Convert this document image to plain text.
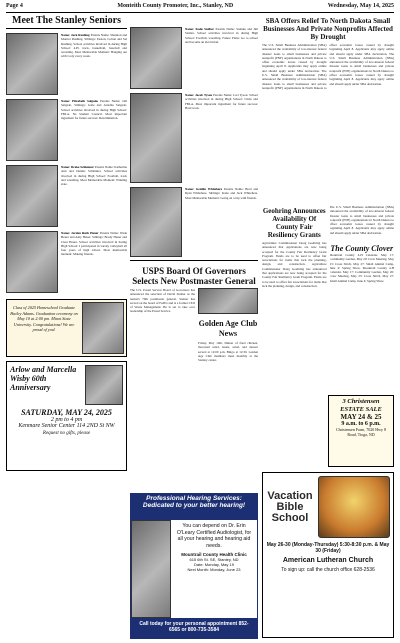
Page 4	Monteith County Promoter, Inc., Stanley, ND	Wednesday, May 14, 2025
Meet The Stanley Seniors
Name: Jack Rushing Parents Name: Shannon and Monica Rushing. Siblings: Easton, Colton and Sal Rushing. School activities involved in during High School: 4-H, track, basketball, baseball and wrestling. Most Memorable Moment: Hanging out with Cody every week.
Name: Elizabeth Salgado Parents Name: Odi Salgado. Siblings: Gabe and Ariadna Salgado. School activities involved in during High School: FBLA, Na Student Council. Most important ingredient for future success: Determination.
Name: Drake Schlenner Parents Name: Katherine Ann and Dennis Schlenner. School activities involved in during High School: Football, track and wrestling. Most Memorable Moment: Winning state.
Name: Jordan Ruth Heuer Parents Name: Wade Heuer and Amy Heuer. Siblings: Brody Heuer and Cleat Heuer. School activities involved in during High School: I participated in varsity volleyball all four years of high school. Most memorable moment: Making friends.
Class of 2025 Homeschool Graduate Hailey Adams. Graduation ceremony on May 10 at 2:00 pm. Minot State University. Congratulations! We are proud of you!
Arlow and Marcella Wisby 60th Anniversary
SATURDAY, MAY 24, 2025
2 pm to 4 pm
Kenmare Senior Center 114 2ND St NW
Request no gifts, please
Name: Kade Steiber Parents Name: Steinke and Jim Steiber. School activities involved in during High School: Football, wrestling. Future Plans: Go to school and become an electrician.
Name: Jacob Tyson Parents Name: Lori Tyson. School activities involved in during High School: Clubs and FBLA. Most important ingredient for future success: Hard work.
Name: Gentlin Whitehere Parents Name: Brett and Ryan Whitehere. Siblings: Katie and Jack Whitehere. Most Memorable Moment: Going on a trip with friends.
USPS Board Of Governors Selects New Postmaster General
The U.S. Postal Service Board of Governors has announced the selection of David Steiner as the nation's 76th postmaster general. Steiner has served on the board of FedEx and is a former CEO of Waste Management. He is set to take over leadership of the Postal Service.
Golden Age Club News
Friday, May 16th, Dinner of fried chicken, macaroni salad, beans, salad, and dessert served at 12:00 p.m. Bingo at 12:30. Golden Age Club members meet monthly at the Stanley center.
Professional Hearing Services:
Dedicated to your better hearing!
You can depend on Dr. Erin O'Leary Certified Audiologist, for all your hearing and hearing aid needs.
Mountrail County Health Clinic
615 6th St. SE, Stanley, ND
Date: Monday, May 19
Next Month: Monday, June 23
Call today for your personal appointment 852-6565 or 800-735-3584
SBA Offers Relief To North Dakota Small Businesses And Private Nonprofits Affected By Drought
The U.S. Small Business Administration (SBA) announced the availability of low-interest federal disaster loans to small businesses and private nonprofit (PNP) organizations in North Dakota to offset economic losses caused by drought beginning April 8. Applicants may apply online and should apply under SBA declaration. The U.S. Small Business Administration (SBA) announced the availability of low-interest federal disaster loans to small businesses and private nonprofit (PNP) organizations in North Dakota to offset economic losses caused by drought beginning April 8. Applicants may apply online and should apply under SBA declaration. The U.S. Small Business Administration (SBA) announced the availability of low-interest federal disaster loans to small businesses and private nonprofit (PNP) organizations in North Dakota to offset economic losses caused by drought beginning April 8. Applicants may apply online and should apply under SBA declaration.
Geohring Announces Availability Of County Fair Resiliency Grants
Agriculture Commissioner Doug Goehring has announced that applications are now being accepted for the County Fair Resiliency Grant Program. Funds are to be used to offset fair associations for items that lack the planning, design, and construction. Agriculture Commissioner Doug Goehring has announced that applications are now being accepted for the County Fair Resiliency Grant Program. Funds are to be used to offset fair associations for items that lack the planning, design, and construction.
The U.S. Small Business Administration (SBA) announced the availability of low-interest federal disaster loans to small businesses and private nonprofit (PNP) organizations in North Dakota to offset economic losses caused by drought beginning April 8. Applicants may apply online and should apply under SBA declaration.
The County Clover
Mountrail County 4-H Calendar. May 17: Community Garden, May 20: Crew Meeting, May 23: Cross Stitch, May 27: Small Animal Camp, June 4: Spring Show. Mountrail County 4-H Calendar. May 17: Community Garden, May 20: Crew Meeting, May 23: Cross Stitch, May 27: Small Animal Camp, June 4: Spring Show.
3 Christensen ESTATE SALE
MAY 24 & 25
9 a.m. to 6 p.m.
Christensen Farm, 7020 Hwy 8 Road, Tioga, ND
Vacation Bible School
May 26-30 (Monday-Thursday) 5:30-8:30 p.m. & May 30 (Friday)
American Lutheran Church
To sign up: call the church office 628-2536
